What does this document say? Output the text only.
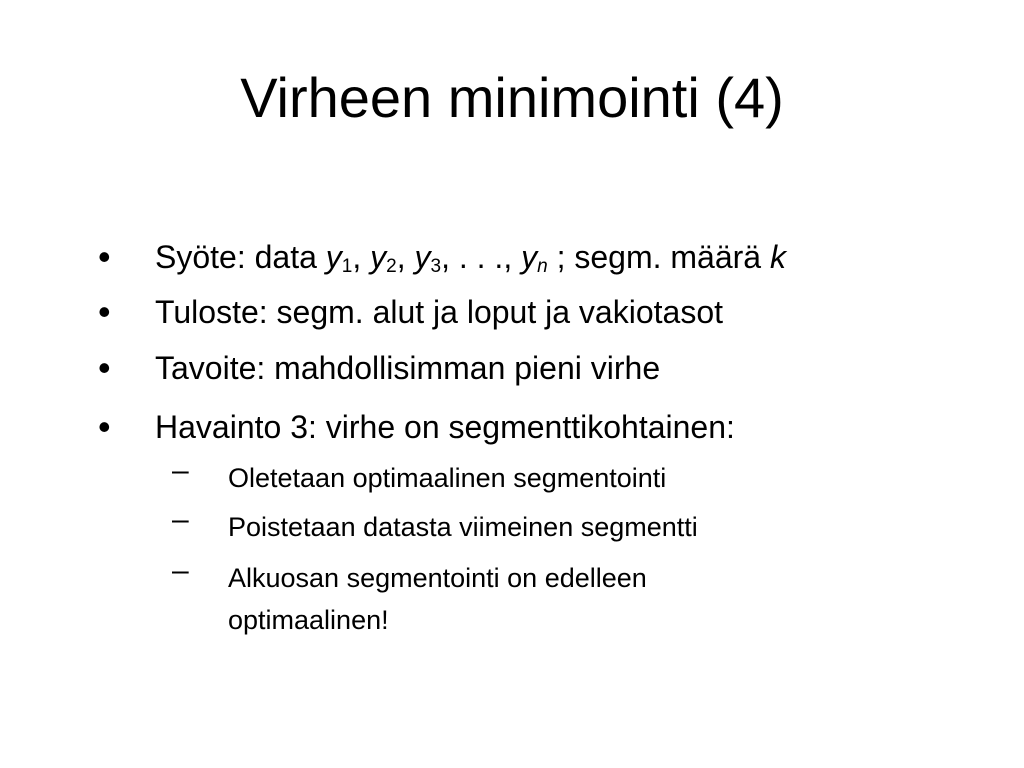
Virheen minimointi (4)
• Syöte: data $y_1$, $y_2$, $y_3$, . . ., $y_n$ ; segm. määrä k
• Tuloste: segm. alut ja loput ja vakiotasot
• Tavoite: mahdollisimman pieni virhe
• Havainto 3: virhe on segmenttikohtainen:
– Oletetaan optimaalinen segmentointi
– Poistetaan datasta viimeinen segmentti
– Alkuosan segmentointi on edelleen
optimaalinen!
